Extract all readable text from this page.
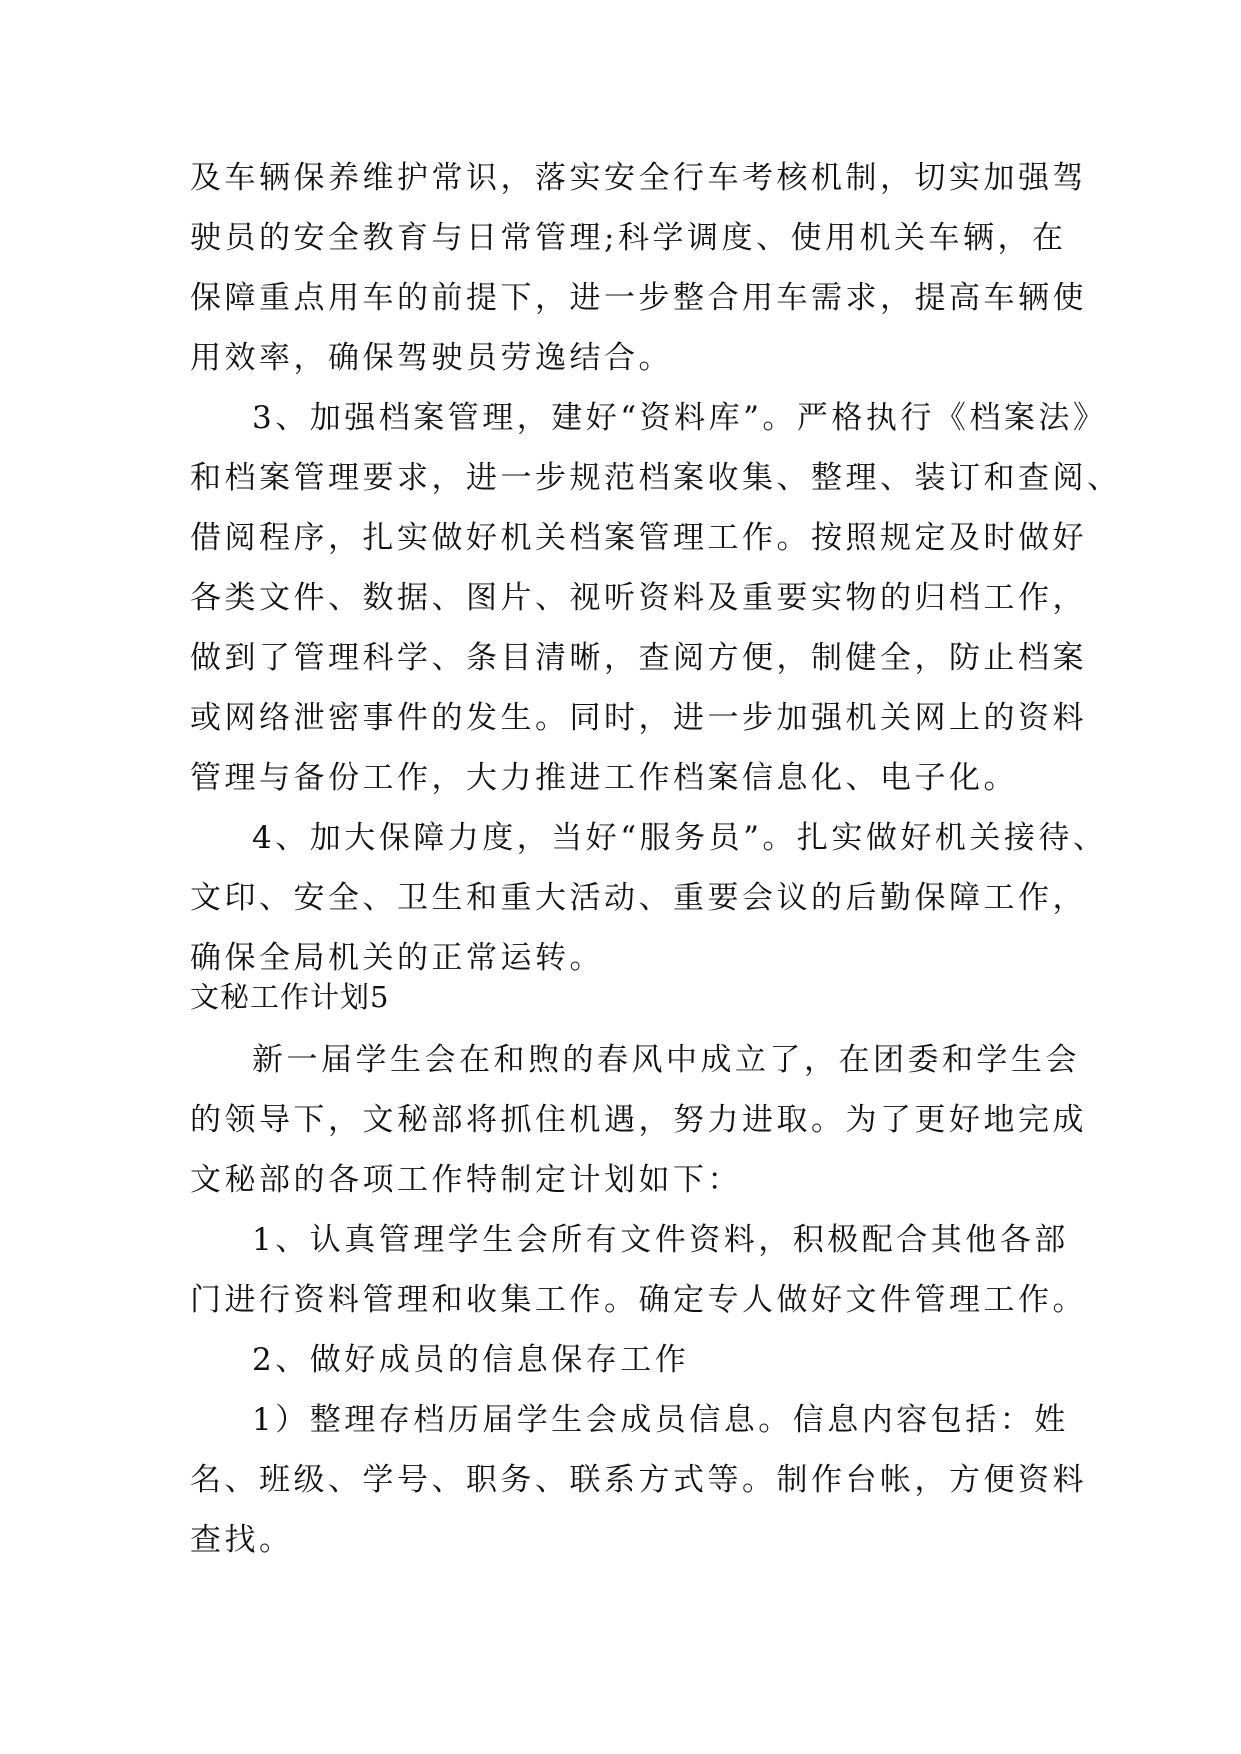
及车辆保养维护常识，落实安全行车考核机制，切实加强驾
驶员的安全教育与日常管理;科学调度、使用机关车辆，在
保障重点用车的前提下，进一步整合用车需求，提高车辆使
用效率，确保驾驶员劳逸结合。
3、加强档案管理，建好“资料库”。严格执行《档案法》
和档案管理要求，进一步规范档案收集、整理、装订和查阅、
借阅程序，扎实做好机关档案管理工作。按照规定及时做好
各类文件、数据、图片、视听资料及重要实物的归档工作，
做到了管理科学、条目清晰，查阅方便，制健全，防止档案
或网络泄密事件的发生。同时，进一步加强机关网上的资料
管理与备份工作，大力推进工作档案信息化、电子化。
4、加大保障力度，当好“服务员”。扎实做好机关接待、
文印、安全、卫生和重大活动、重要会议的后勤保障工作，
确保全局机关的正常运转。
文秘工作计划5
新一届学生会在和煦的春风中成立了，在团委和学生会
的领导下，文秘部将抓住机遇，努力进取。为了更好地完成
文秘部的各项工作特制定计划如下：
1、认真管理学生会所有文件资料，积极配合其他各部
门进行资料管理和收集工作。确定专人做好文件管理工作。
2、做好成员的信息保存工作
1）整理存档历届学生会成员信息。信息内容包括：姓
名、班级、学号、职务、联系方式等。制作台帐，方便资料
查找。
